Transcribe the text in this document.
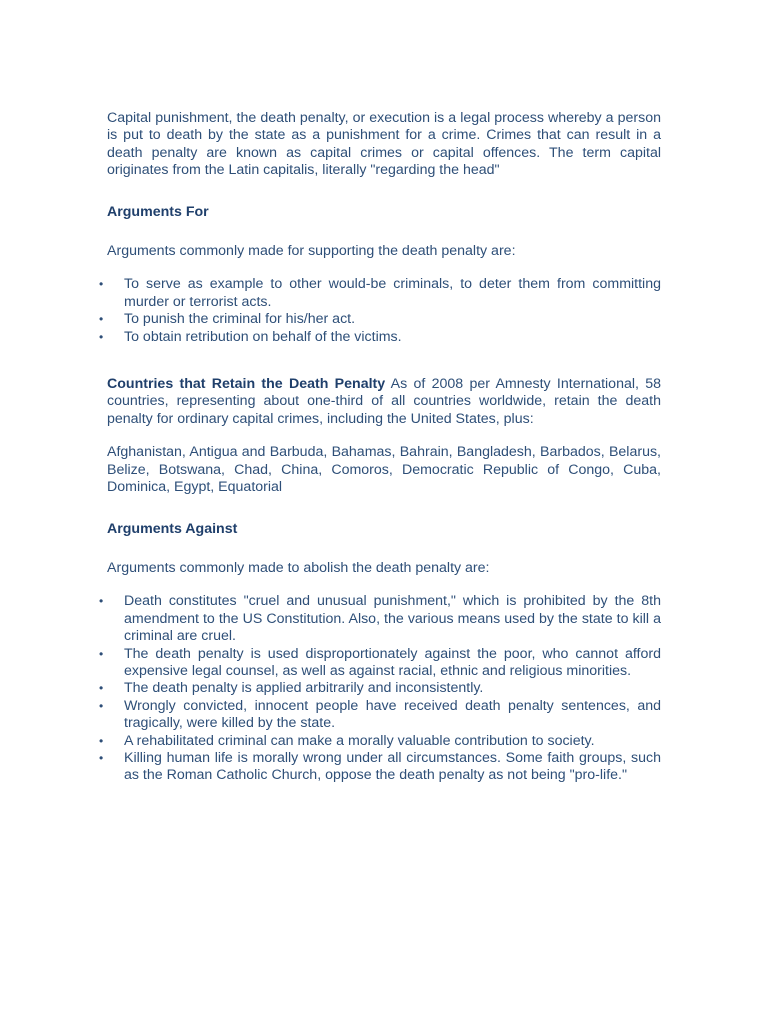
Capital punishment, the death penalty, or execution is a legal process whereby a person is put to death by the state as a punishment for a crime. Crimes that can result in a death penalty are known as capital crimes or capital offences. The term capital originates from the Latin capitalis, literally "regarding the head"

Arguments For

Arguments commonly made for supporting the death penalty are:

• To serve as example to other would-be criminals, to deter them from committing murder or terrorist acts.
• To punish the criminal for his/her act.
• To obtain retribution on behalf of the victims.

Countries that Retain the Death Penalty As of 2008 per Amnesty International, 58 countries, representing about one-third of all countries worldwide, retain the death penalty for ordinary capital crimes, including the United States, plus:

Afghanistan, Antigua and Barbuda, Bahamas, Bahrain, Bangladesh, Barbados, Belarus, Belize, Botswana, Chad, China, Comoros, Democratic Republic of Congo, Cuba, Dominica, Egypt, Equatorial

Arguments Against

Arguments commonly made to abolish the death penalty are:

• Death constitutes "cruel and unusual punishment," which is prohibited by the 8th amendment to the US Constitution. Also, the various means used by the state to kill a criminal are cruel.
• The death penalty is used disproportionately against the poor, who cannot afford expensive legal counsel, as well as against racial, ethnic and religious minorities.
• The death penalty is applied arbitrarily and inconsistently.
• Wrongly convicted, innocent people have received death penalty sentences, and tragically, were killed by the state.
• A rehabilitated criminal can make a morally valuable contribution to society.
• Killing human life is morally wrong under all circumstances. Some faith groups, such as the Roman Catholic Church, oppose the death penalty as not being "pro-life."
